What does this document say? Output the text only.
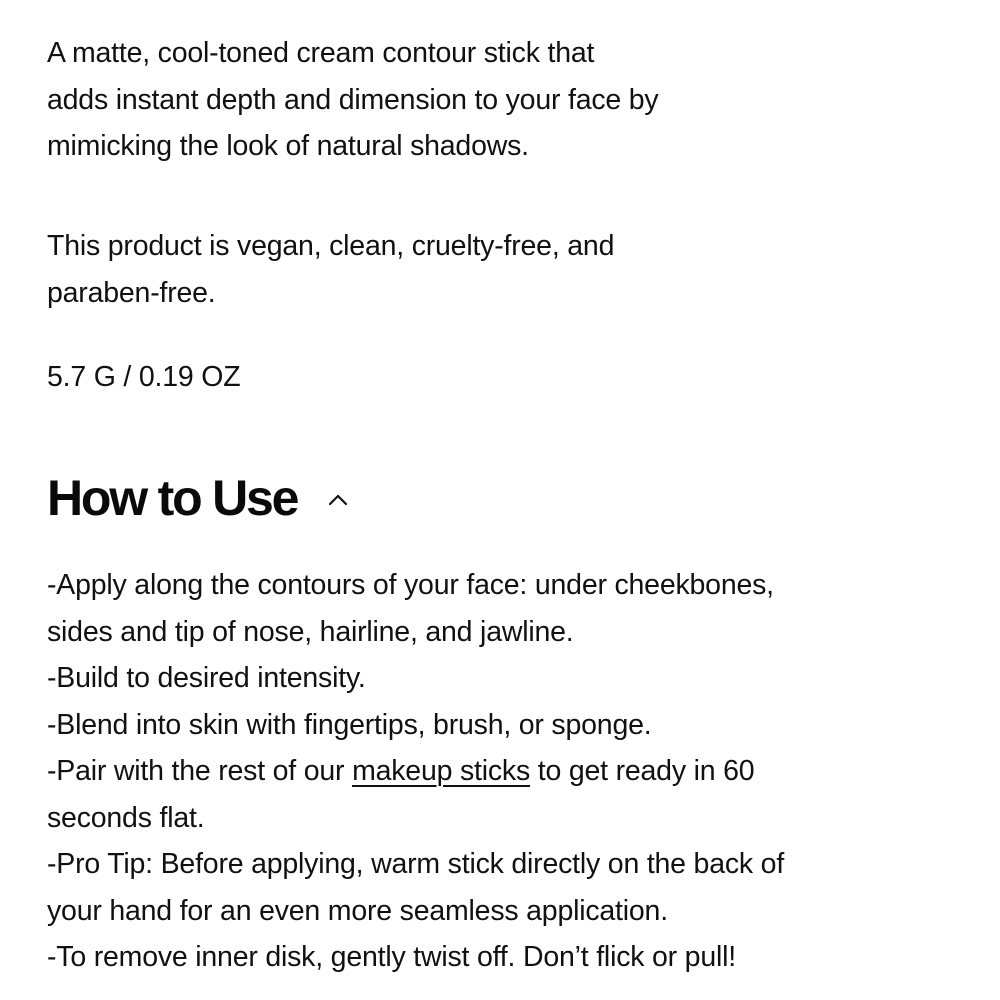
A matte, cool-toned cream contour stick that
adds instant depth and dimension to your face by
mimicking the look of natural shadows.

This product is vegan, clean, cruelty-free, and
paraben-free.

5.7 G / 0.19 OZ

How to Use

-Apply along the contours of your face: under cheekbones,
sides and tip of nose, hairline, and jawline.
-Build to desired intensity.
-Blend into skin with fingertips, brush, or sponge.
-Pair with the rest of our makeup sticks to get ready in 60
seconds flat.
-Pro Tip: Before applying, warm stick directly on the back of
your hand for an even more seamless application.
-To remove inner disk, gently twist off. Don’t flick or pull!
